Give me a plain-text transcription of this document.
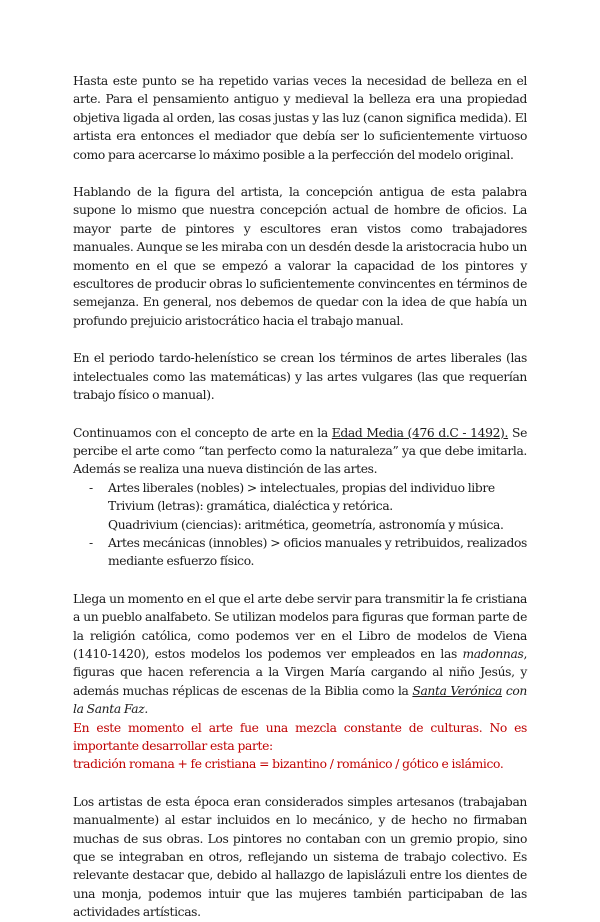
Hasta este punto se ha repetido varias veces la necesidad de belleza en el arte. Para el pensamiento antiguo y medieval la belleza era una propiedad objetiva ligada al orden, las cosas justas y las luz (canon significa medida). El artista era entonces el mediador que debía ser lo suficientemente virtuoso como para acercarse lo máximo posible a la perfección del modelo original.

Hablando de la figura del artista, la concepción antigua de esta palabra supone lo mismo que nuestra concepción actual de hombre de oficios. La mayor parte de pintores y escultores eran vistos como trabajadores manuales. Aunque se les miraba con un desdén desde la aristocracia hubo un momento en el que se empezó a valorar la capacidad de los pintores y escultores de producir obras lo suficientemente convincentes en términos de semejanza. En general, nos debemos de quedar con la idea de que había un profundo prejuicio aristocrático hacia el trabajo manual.

En el periodo tardo-helenístico se crean los términos de artes liberales (las intelectuales como las matemáticas) y las artes vulgares (las que requerían trabajo físico o manual).

Continuamos con el concepto de arte en la Edad Media (476 d.C - 1492). Se percibe el arte como “tan perfecto como la naturaleza” ya que debe imitarla. Además se realiza una nueva distinción de las artes.

- Artes liberales (nobles) > intelectuales, propias del individuo libre
Trivium (letras): gramática, dialéctica y retórica.
Quadrivium (ciencias): aritmética, geometría, astronomía y música.
- Artes mecánicas (innobles) > oficios manuales y retribuidos, realizados mediante esfuerzo físico.

Llega un momento en el que el arte debe servir para transmitir la fe cristiana a un pueblo analfabeto. Se utilizan modelos para figuras que forman parte de la religión católica, como podemos ver en el Libro de modelos de Viena (1410-1420), estos modelos los podemos ver empleados en las madonnas, figuras que hacen referencia a la Virgen María cargando al niño Jesús, y además muchas réplicas de escenas de la Biblia como la Santa Verónica con la Santa Faz.

En este momento el arte fue una mezcla constante de culturas. No es importante desarrollar esta parte:

tradición romana + fe cristiana = bizantino / románico / gótico e islámico.

Los artistas de esta época eran considerados simples artesanos (trabajaban manualmente) al estar incluidos en lo mecánico, y de hecho no firmaban muchas de sus obras. Los pintores no contaban con un gremio propio, sino que se integraban en otros, reflejando un sistema de trabajo colectivo. Es relevante destacar que, debido al hallazgo de lapislázuli entre los dientes de una monja, podemos intuir que las mujeres también participaban de las actividades artísticas.
